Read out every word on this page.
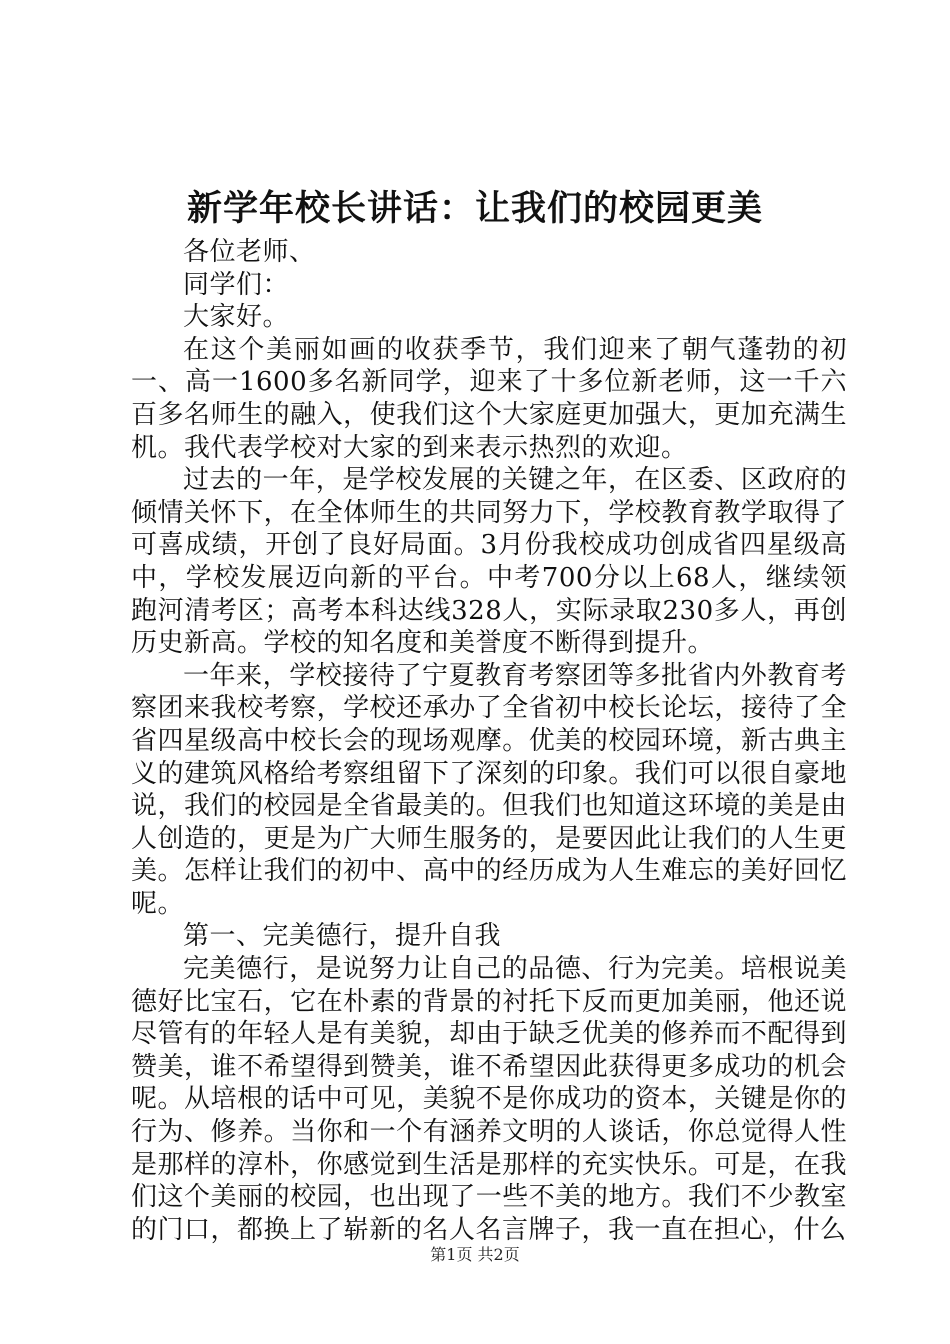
新学年校长讲话：让我们的校园更美

各位老师、

同学们：

大家好。

在这个美丽如画的收获季节，我们迎来了朝气蓬勃的初一、高一1600多名新同学，迎来了十多位新老师，这一千六百多名师生的融入，使我们这个大家庭更加强大，更加充满生机。我代表学校对大家的到来表示热烈的欢迎。

过去的一年，是学校发展的关键之年，在区委、区政府的倾情关怀下，在全体师生的共同努力下，学校教育教学取得了可喜成绩，开创了良好局面。3月份我校成功创成省四星级高中，学校发展迈向新的平台。中考700分以上68人，继续领跑河清考区；高考本科达线328人，实际录取230多人，再创历史新高。学校的知名度和美誉度不断得到提升。

一年来，学校接待了宁夏教育考察团等多批省内外教育考察团来我校考察，学校还承办了全省初中校长论坛，接待了全省四星级高中校长会的现场观摩。优美的校园环境，新古典主义的建筑风格给考察组留下了深刻的印象。我们可以很自豪地说，我们的校园是全省最美的。但我们也知道这环境的美是由人创造的，更是为广大师生服务的，是要因此让我们的人生更美。怎样让我们的初中、高中的经历成为人生难忘的美好回忆呢。

第一、完美德行，提升自我

完美德行，是说努力让自己的品德、行为完美。培根说美德好比宝石，它在朴素的背景的衬托下反而更加美丽，他还说尽管有的年轻人是有美貌，却由于缺乏优美的修养而不配得到赞美，谁不希望得到赞美，谁不希望因此获得更多成功的机会呢。从培根的话中可见，美貌不是你成功的资本，关键是你的行为、修养。当你和一个有涵养文明的人谈话，你总觉得人性是那样的淳朴，你感觉到生活是那样的充实快乐。可是，在我们这个美丽的校园，也出现了一些不美的地方。我们不少教室的门口，都换上了崭新的名人名言牌子，我一直在担心，什么

第1页 共2页
